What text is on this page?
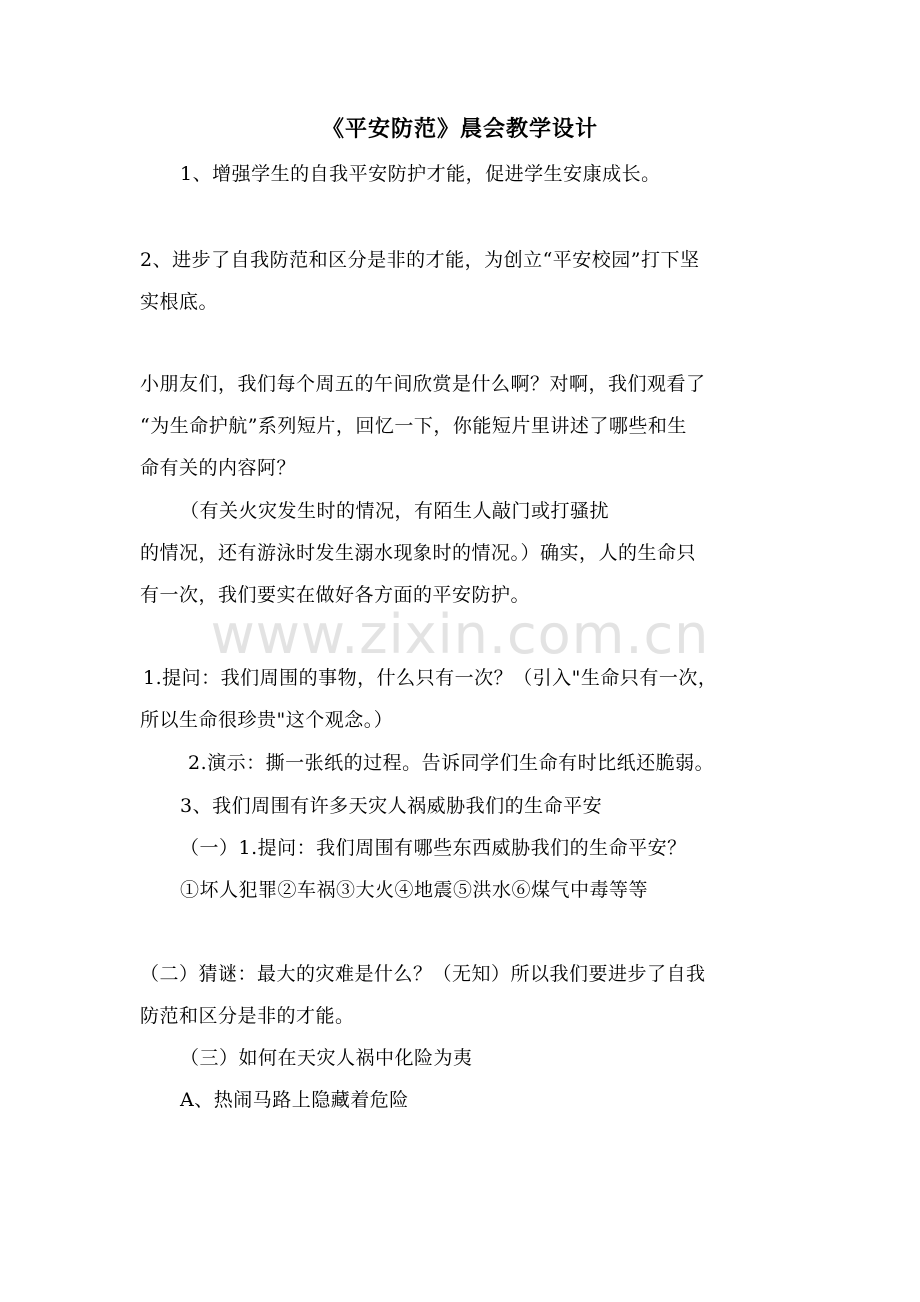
《平安防范》晨会教学设计
1、增强学生的自我平安防护才能，促进学生安康成长。
2、进步了自我防范和区分是非的才能，为创立“平安校园”打下坚
实根底。
小朋友们，我们每个周五的午间欣赏是什么啊？对啊，我们观看了
“为生命护航”系列短片，回忆一下，你能短片里讲述了哪些和生
命有关的内容阿？
（有关火灾发生时的情况，有陌生人敲门或打骚扰
的情况，还有游泳时发生溺水现象时的情况。）确实，人的生命只
有一次，我们要实在做好各方面的平安防护。
www.zixin.com.cn
1.提问：我们周围的事物，什么只有一次？（引入"生命只有一次，
所以生命很珍贵"这个观念。）
2.演示：撕一张纸的过程。告诉同学们生命有时比纸还脆弱。
3、我们周围有许多天灾人祸威胁我们的生命平安
（一）1.提问：我们周围有哪些东西威胁我们的生命平安？
①坏人犯罪②车祸③大火④地震⑤洪水⑥煤气中毒等等
（二）猜谜：最大的灾难是什么？（无知）所以我们要进步了自我
防范和区分是非的才能。
（三）如何在天灾人祸中化险为夷
A、热闹马路上隐藏着危险
